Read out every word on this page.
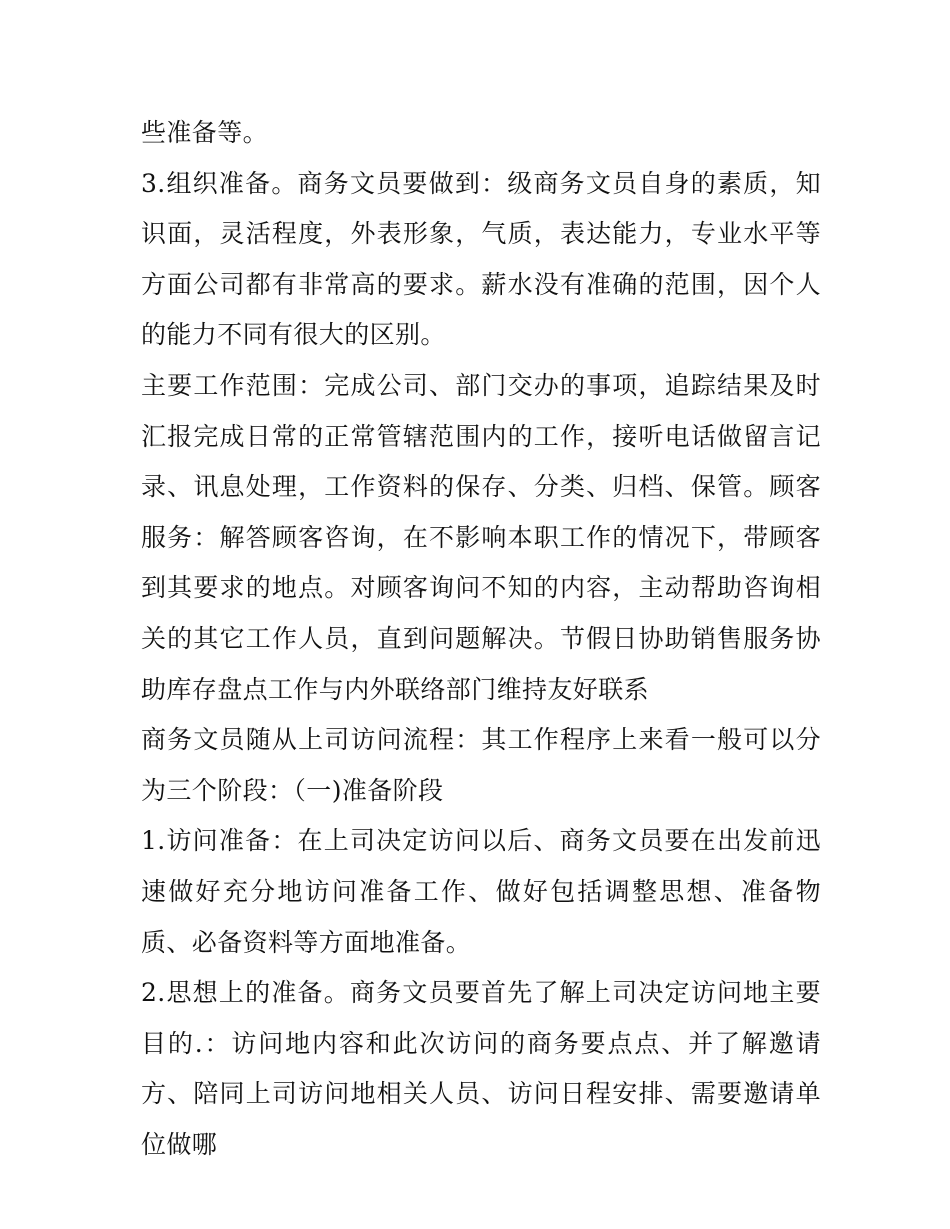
些准备等。

3.组织准备。商务文员要做到：级商务文员自身的素质，知识面，灵活程度，外表形象，气质，表达能力，专业水平等方面公司都有非常高的要求。薪水没有准确的范围，因个人的能力不同有很大的区别。

主要工作范围：完成公司、部门交办的事项，追踪结果及时汇报完成日常的正常管辖范围内的工作，接听电话做留言记录、讯息处理，工作资料的保存、分类、归档、保管。顾客服务：解答顾客咨询，在不影响本职工作的情况下，带顾客到其要求的地点。对顾客询问不知的内容，主动帮助咨询相关的其它工作人员，直到问题解决。节假日协助销售服务协助库存盘点工作与内外联络部门维持友好联系

商务文员随从上司访问流程：其工作程序上来看一般可以分为三个阶段：（一)准备阶段

1.访问准备：在上司决定访问以后、商务文员要在出发前迅速做好充分地访问准备工作、做好包括调整思想、准备物质、必备资料等方面地准备。

2.思想上的准备。商务文员要首先了解上司决定访问地主要目的.：访问地内容和此次访问的商务要点点、并了解邀请方、陪同上司访问地相关人员、访问日程安排、需要邀请单位做哪
